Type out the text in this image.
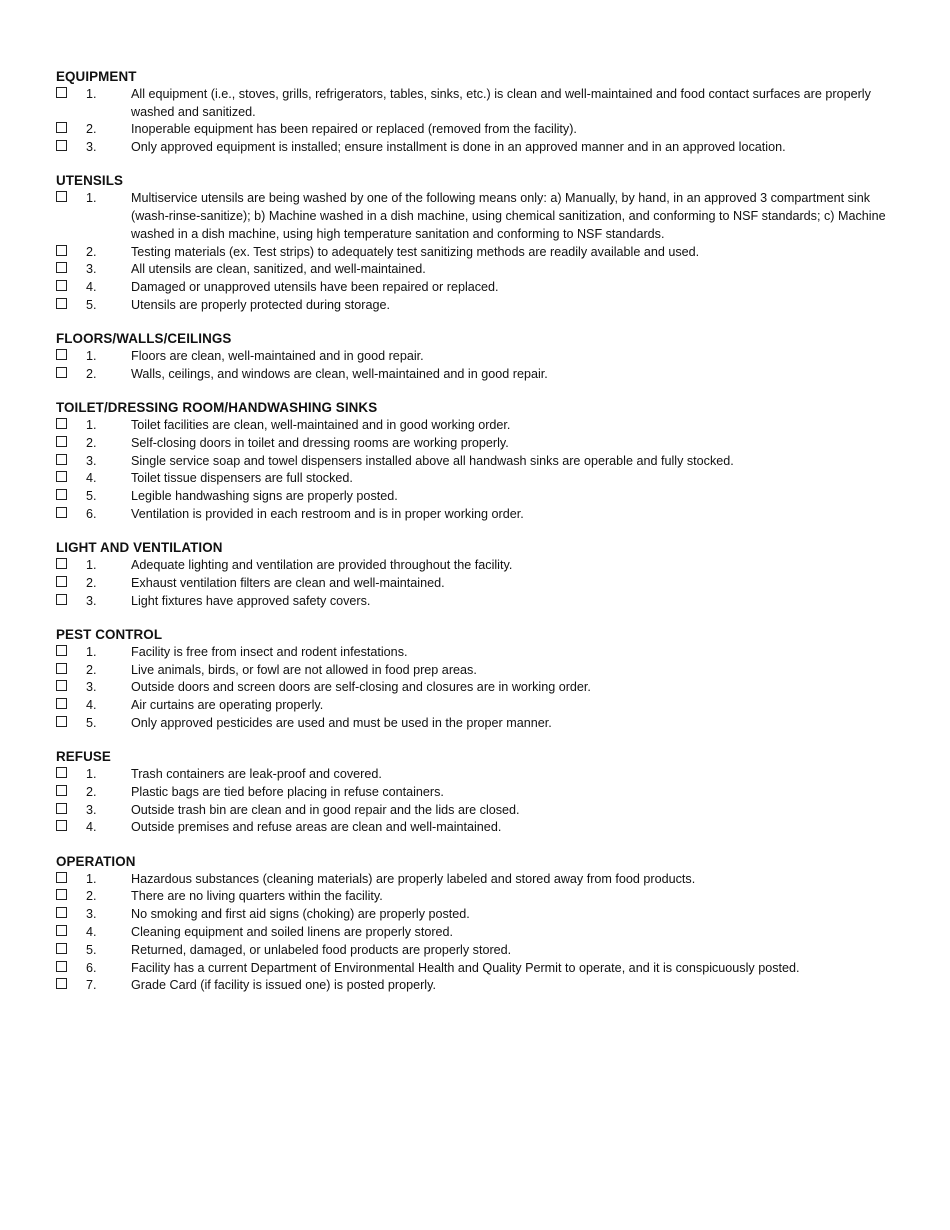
EQUIPMENT
1.	All equipment (i.e., stoves, grills, refrigerators, tables, sinks, etc.) is clean and well-maintained and food contact surfaces are properly washed and sanitized.
2.	Inoperable equipment has been repaired or replaced (removed from the facility).
3.	Only approved equipment is installed; ensure installment is done in an approved manner and in an approved location.
UTENSILS
1.	Multiservice utensils are being washed by one of the following means only: a) Manually, by hand, in an approved 3 compartment sink (wash-rinse-sanitize); b) Machine washed in a dish machine, using chemical sanitization, and conforming to NSF standards; c) Machine washed in a dish machine, using high temperature sanitation and conforming to NSF standards.
2.	Testing materials (ex. Test strips) to adequately test sanitizing methods are readily available and used.
3.	All utensils are clean, sanitized, and well-maintained.
4.	Damaged or unapproved utensils have been repaired or replaced.
5.	Utensils are properly protected during storage.
FLOORS/WALLS/CEILINGS
1.	Floors are clean, well-maintained and in good repair.
2.	Walls, ceilings, and windows are clean, well-maintained and in good repair.
TOILET/DRESSING ROOM/HANDWASHING SINKS
1.	Toilet facilities are clean, well-maintained and in good working order.
2.	Self-closing doors in toilet and dressing rooms are working properly.
3.	Single service soap and towel dispensers installed above all handwash sinks are operable and fully stocked.
4.	Toilet tissue dispensers are full stocked.
5.	Legible handwashing signs are properly posted.
6.	Ventilation is provided in each restroom and is in proper working order.
LIGHT AND VENTILATION
1.	Adequate lighting and ventilation are provided throughout the facility.
2.	Exhaust ventilation filters are clean and well-maintained.
3.	Light fixtures have approved safety covers.
PEST CONTROL
1.	Facility is free from insect and rodent infestations.
2.	Live animals, birds, or fowl are not allowed in food prep areas.
3.	Outside doors and screen doors are self-closing and closures are in working order.
4.	Air curtains are operating properly.
5.	Only approved pesticides are used and must be used in the proper manner.
REFUSE
1.	Trash containers are leak-proof and covered.
2.	Plastic bags are tied before placing in refuse containers.
3.	Outside trash bin are clean and in good repair and the lids are closed.
4.	Outside premises and refuse areas are clean and well-maintained.
OPERATION
1.	Hazardous substances (cleaning materials) are properly labeled and stored away from food products.
2.	There are no living quarters within the facility.
3.	No smoking and first aid signs (choking) are properly posted.
4.	Cleaning equipment and soiled linens are properly stored.
5.	Returned, damaged, or unlabeled food products are properly stored.
6.	Facility has a current Department of Environmental Health and Quality Permit to operate, and it is conspicuously posted.
7.	Grade Card (if facility is issued one) is posted properly.
